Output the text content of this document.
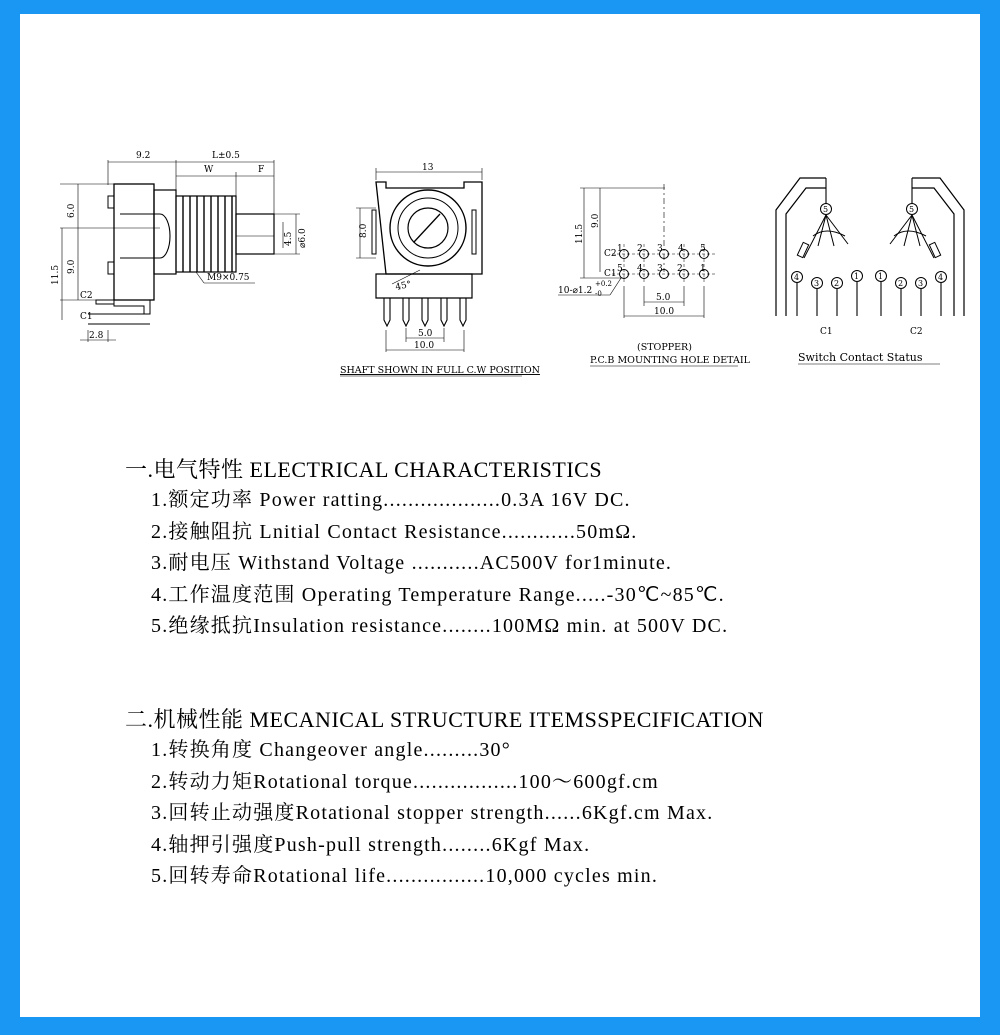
9.2	L±0.5
W	F
4.5 ⌀6.0
M9×0.75
6.0
9.0
11.5
C2
C1
2.8
13
8.0
45°
5.0
10.0
SHAFT SHOWN IN FULL C.W POSITION
9.0
11.5
C2
C1
1 2 3 4 5
5 4 3 2 1
10-⌀1.2
+0.2
-0	5.0
10.0
(STOPPER)
P.C.B MOUNTING HOLE DETAIL
5
4
3 2
1
C1
5
1
2 3
4
C2
Switch Contact Status
一.电气特性 ELECTRICAL CHARACTERISTICS
1.额定功率 Power ratting...................0.3A 16V DC.
2.接触阻抗 Lnitial Contact Resistance............50mΩ.
3.耐电压 Withstand Voltage ...........AC500V for1minute.
4.工作温度范围 Operating Temperature Range.....-30℃~85℃.
5.绝缘抵抗Insulation resistance........100MΩ min. at 500V DC.
二.机械性能 MECANICAL STRUCTURE ITEMSSPECIFICATION
1.转换角度 Changeover angle.........30°
2.转动力矩Rotational torque.................100～600gf.cm
3.回转止动强度Rotational stopper strength......6Kgf.cm Max.
4.轴押引强度Push-pull strength........6Kgf Max.
5.回转寿命Rotational life................10,000 cycles min.
